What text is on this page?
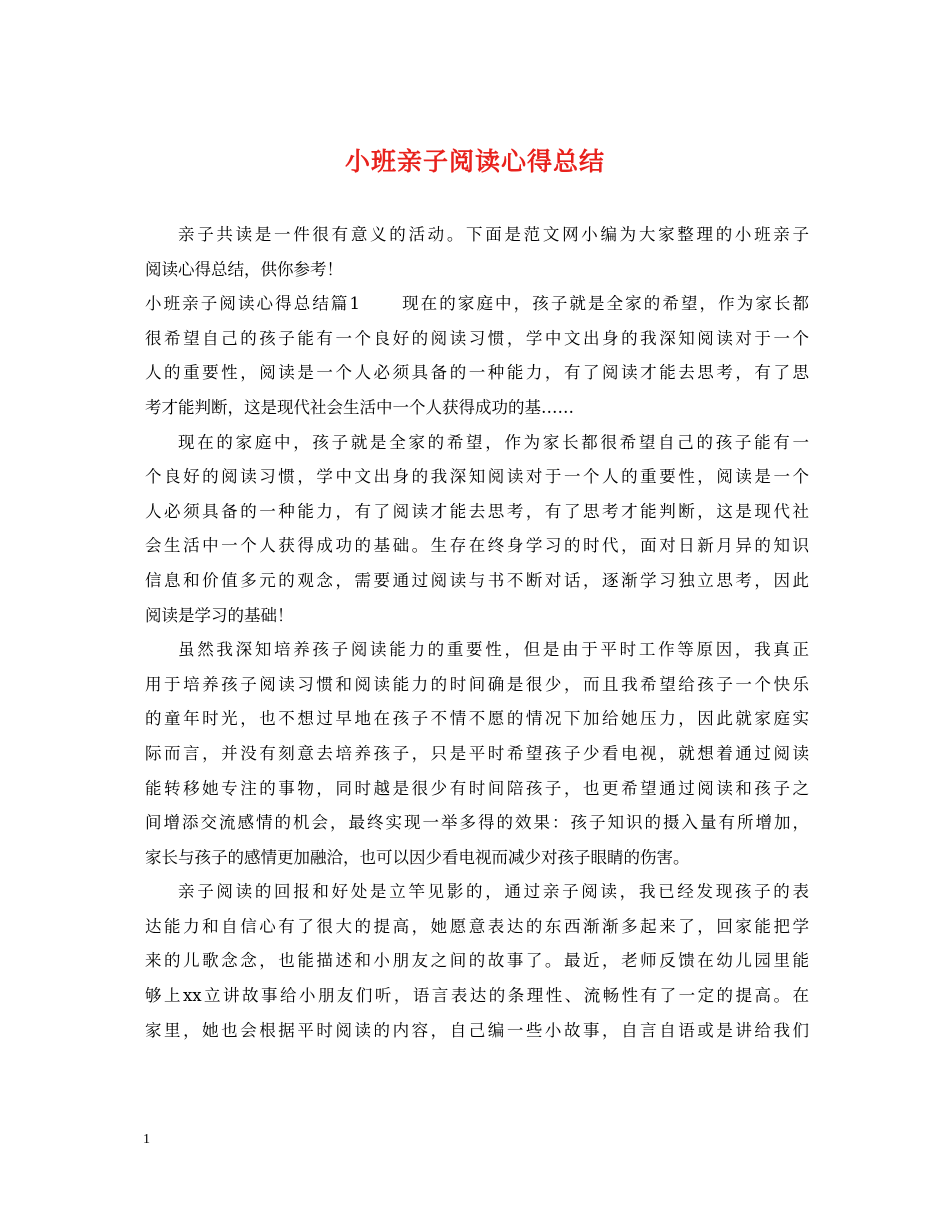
小班亲子阅读心得总结
亲子共读是一件很有意义的活动。下面是范文网小编为大家整理的小班亲子
阅读心得总结，供你参考！
小班亲子阅读心得总结篇1 现在的家庭中，孩子就是全家的希望，作为家长都
很希望自己的孩子能有一个良好的阅读习惯，学中文出身的我深知阅读对于一个
人的重要性，阅读是一个人必须具备的一种能力，有了阅读才能去思考，有了思
考才能判断，这是现代社会生活中一个人获得成功的基……
现在的家庭中，孩子就是全家的希望，作为家长都很希望自己的孩子能有一
个良好的阅读习惯，学中文出身的我深知阅读对于一个人的重要性，阅读是一个
人必须具备的一种能力，有了阅读才能去思考，有了思考才能判断，这是现代社
会生活中一个人获得成功的基础。生存在终身学习的时代，面对日新月异的知识
信息和价值多元的观念，需要通过阅读与书不断对话，逐渐学习独立思考，因此
阅读是学习的基础！
虽然我深知培养孩子阅读能力的重要性，但是由于平时工作等原因，我真正
用于培养孩子阅读习惯和阅读能力的时间确是很少，而且我希望给孩子一个快乐
的童年时光，也不想过早地在孩子不情不愿的情况下加给她压力，因此就家庭实
际而言，并没有刻意去培养孩子，只是平时希望孩子少看电视，就想着通过阅读
能转移她专注的事物，同时越是很少有时间陪孩子，也更希望通过阅读和孩子之
间增添交流感情的机会，最终实现一举多得的效果：孩子知识的摄入量有所增加，
家长与孩子的感情更加融洽，也可以因少看电视而减少对孩子眼睛的伤害。
亲子阅读的回报和好处是立竿见影的，通过亲子阅读，我已经发现孩子的表
达能力和自信心有了很大的提高，她愿意表达的东西渐渐多起来了，回家能把学
来的儿歌念念，也能描述和小朋友之间的故事了。最近，老师反馈在幼儿园里能
够上xx立讲故事给小朋友们听，语言表达的条理性、流畅性有了一定的提高。在
家里，她也会根据平时阅读的内容，自己编一些小故事，自言自语或是讲给我们
1
